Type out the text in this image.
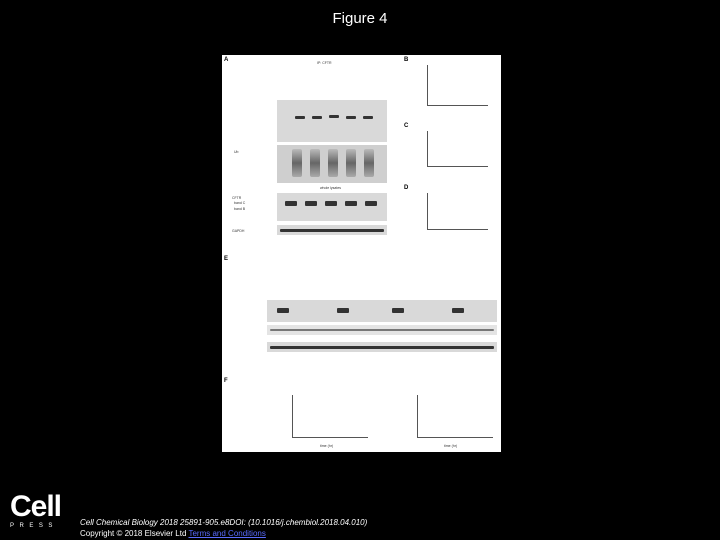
Figure 4
A	IP: CFTR
Ub
whole lysates
CFTR
band C
band B
GAPDH
B
C
D
E
F
time (hr)	time (hr)
Cell
PRESS	Cell Chemical Biology 2018 25891-905.e8DOI: (10.1016/j.chembiol.2018.04.010)
Copyright © 2018 Elsevier Ltd Terms and Conditions
